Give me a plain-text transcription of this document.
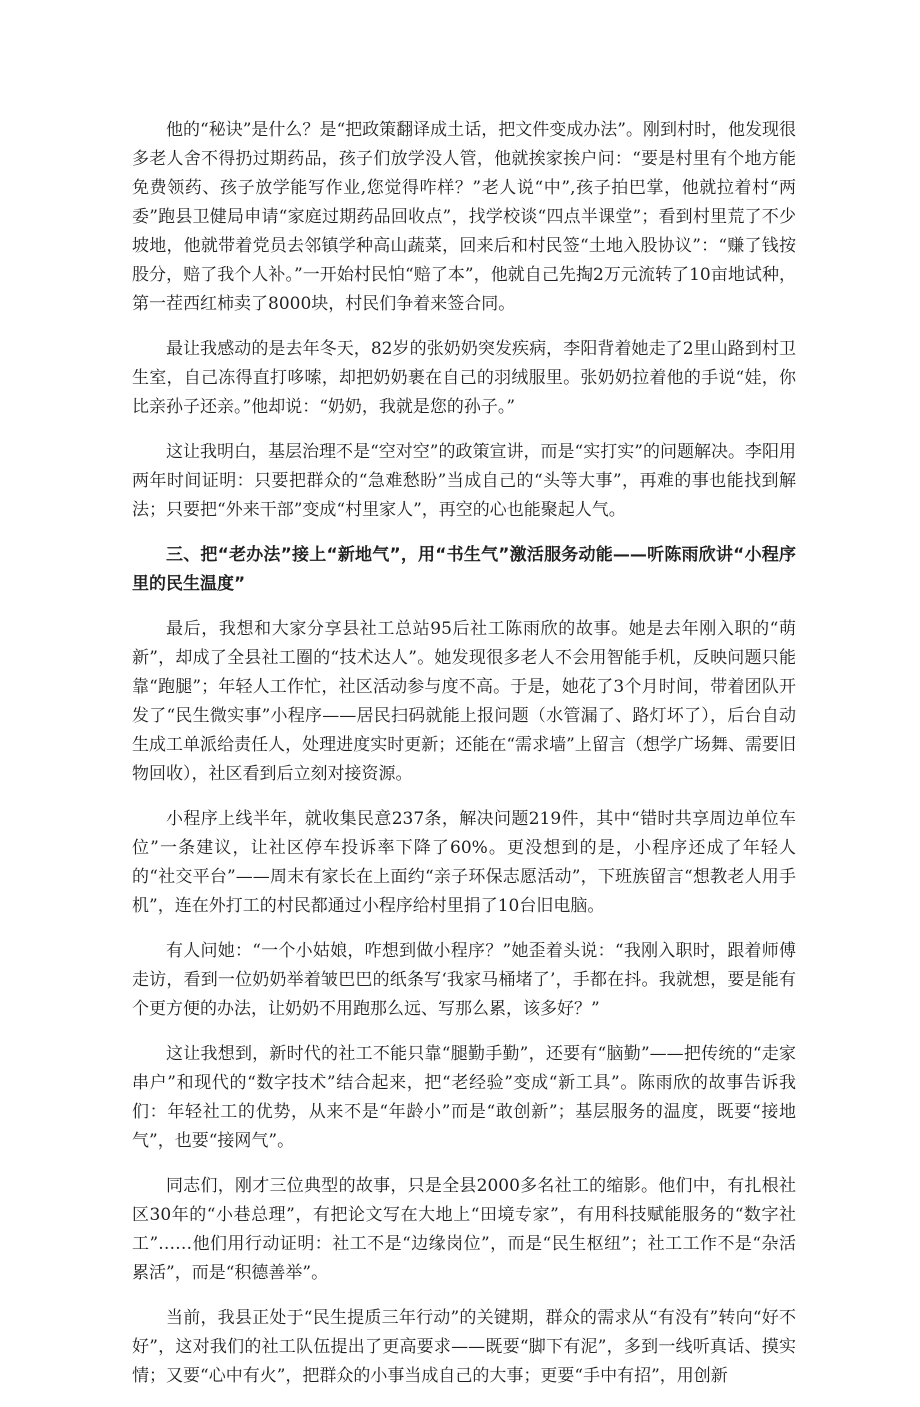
他的“秘诀”是什么？是“把政策翻译成土话，把文件变成办法”。刚到村时，他发现很多老人舍不得扔过期药品，孩子们放学没人管，他就挨家挨户问：“要是村里有个地方能免费领药、孩子放学能写作业,您觉得咋样？”老人说“中”,孩子拍巴掌，他就拉着村“两委”跑县卫健局申请“家庭过期药品回收点”，找学校谈“四点半课堂”；看到村里荒了不少坡地，他就带着党员去邻镇学种高山蔬菜，回来后和村民签“土地入股协议”：“赚了钱按股分，赔了我个人补。”一开始村民怕“赔了本”，他就自己先掏2万元流转了10亩地试种，第一茬西红柿卖了8000块，村民们争着来签合同。

最让我感动的是去年冬天，82岁的张奶奶突发疾病，李阳背着她走了2里山路到村卫生室，自己冻得直打哆嗦，却把奶奶裹在自己的羽绒服里。张奶奶拉着他的手说“娃，你比亲孙子还亲。”他却说：“奶奶，我就是您的孙子。”

这让我明白，基层治理不是“空对空”的政策宣讲，而是“实打实”的问题解决。李阳用两年时间证明：只要把群众的“急难愁盼”当成自己的“头等大事”，再难的事也能找到解法；只要把“外来干部”变成“村里家人”，再空的心也能聚起人气。

三、把“老办法”接上“新地气”，用“书生气”激活服务动能——听陈雨欣讲“小程序里的民生温度”

最后，我想和大家分享县社工总站95后社工陈雨欣的故事。她是去年刚入职的“萌新”，却成了全县社工圈的“技术达人”。她发现很多老人不会用智能手机，反映问题只能靠“跑腿”；年轻人工作忙，社区活动参与度不高。于是，她花了3个月时间，带着团队开发了“民生微实事”小程序——居民扫码就能上报问题（水管漏了、路灯坏了），后台自动生成工单派给责任人，处理进度实时更新；还能在“需求墙”上留言（想学广场舞、需要旧物回收），社区看到后立刻对接资源。

小程序上线半年，就收集民意237条，解决问题219件，其中“错时共享周边单位车位”一条建议，让社区停车投诉率下降了60%。更没想到的是，小程序还成了年轻人的“社交平台”——周末有家长在上面约“亲子环保志愿活动”，下班族留言“想教老人用手机”，连在外打工的村民都通过小程序给村里捐了10台旧电脑。

有人问她：“一个小姑娘，咋想到做小程序？”她歪着头说：“我刚入职时，跟着师傅走访，看到一位奶奶举着皱巴巴的纸条写‘我家马桶堵了’，手都在抖。我就想，要是能有个更方便的办法，让奶奶不用跑那么远、写那么累，该多好？”

这让我想到，新时代的社工不能只靠“腿勤手勤”，还要有“脑勤”——把传统的“走家串户”和现代的“数字技术”结合起来，把“老经验”变成“新工具”。陈雨欣的故事告诉我们：年轻社工的优势，从来不是“年龄小”而是“敢创新”；基层服务的温度，既要“接地气”，也要“接网气”。

同志们，刚才三位典型的故事，只是全县2000多名社工的缩影。他们中，有扎根社区30年的“小巷总理”，有把论文写在大地上“田境专家”，有用科技赋能服务的“数字社工”……他们用行动证明：社工不是“边缘岗位”，而是“民生枢纽”；社工工作不是“杂活累活”，而是“积德善举”。

当前，我县正处于“民生提质三年行动”的关键期，群众的需求从“有没有”转向“好不好”，这对我们的社工队伍提出了更高要求——既要“脚下有泥”，多到一线听真话、摸实情；又要“心中有火”，把群众的小事当成自己的大事；更要“手中有招”，用创新
